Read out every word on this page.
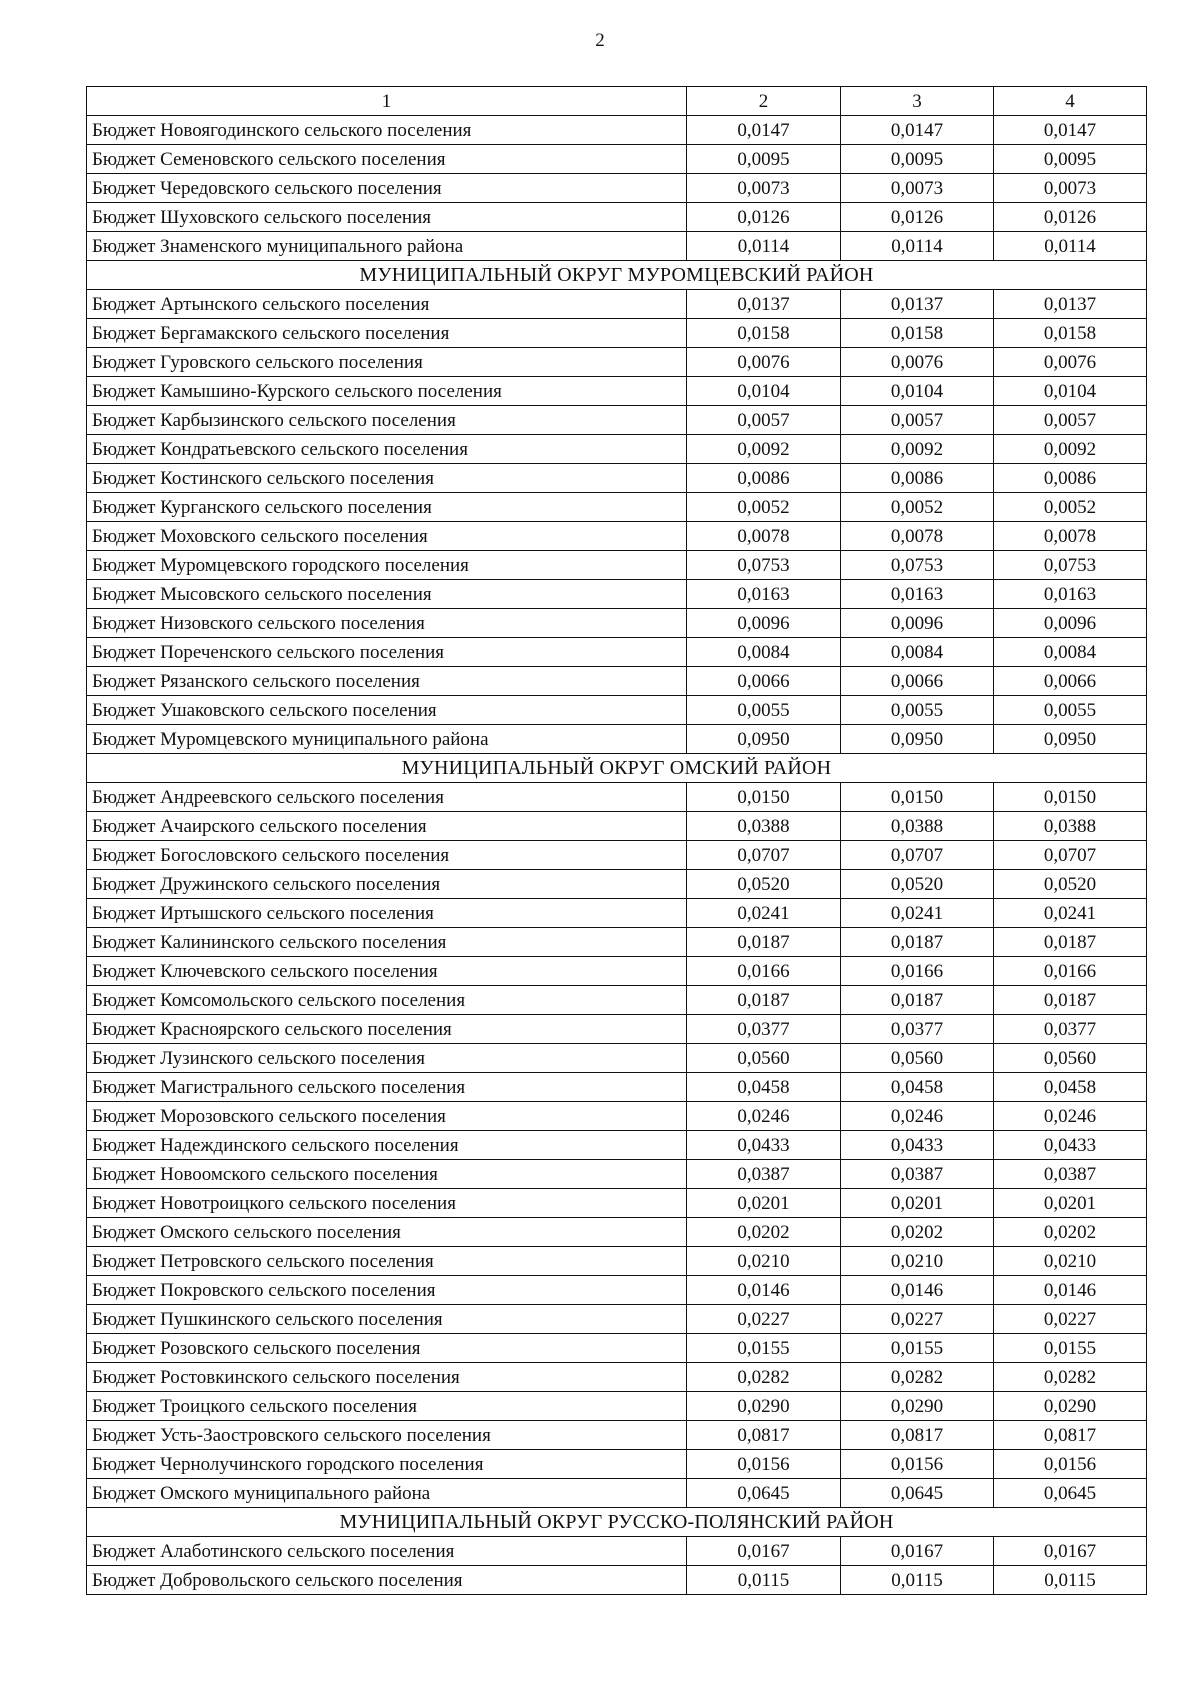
2
1	2	3	4
Бюджет Новоягодинского сельского поселения	0,0147	0,0147	0,0147
Бюджет Семеновского сельского поселения	0,0095	0,0095	0,0095
Бюджет Чередовского сельского поселения	0,0073	0,0073	0,0073
Бюджет Шуховского сельского поселения	0,0126	0,0126	0,0126
Бюджет Знаменского муниципального района	0,0114	0,0114	0,0114
МУНИЦИПАЛЬНЫЙ ОКРУГ МУРОМЦЕВСКИЙ РАЙОН			
Бюджет Артынского сельского поселения	0,0137	0,0137	0,0137
Бюджет Бергамакского сельского поселения	0,0158	0,0158	0,0158
Бюджет Гуровского сельского поселения	0,0076	0,0076	0,0076
Бюджет Камышино-Курского сельского поселения	0,0104	0,0104	0,0104
Бюджет Карбызинского сельского поселения	0,0057	0,0057	0,0057
Бюджет Кондратьевского сельского поселения	0,0092	0,0092	0,0092
Бюджет Костинского сельского поселения	0,0086	0,0086	0,0086
Бюджет Курганского сельского поселения	0,0052	0,0052	0,0052
Бюджет Моховского сельского поселения	0,0078	0,0078	0,0078
Бюджет Муромцевского городского поселения	0,0753	0,0753	0,0753
Бюджет Мысовского сельского поселения	0,0163	0,0163	0,0163
Бюджет Низовского сельского поселения	0,0096	0,0096	0,0096
Бюджет Пореченского сельского поселения	0,0084	0,0084	0,0084
Бюджет Рязанского сельского поселения	0,0066	0,0066	0,0066
Бюджет Ушаковского сельского поселения	0,0055	0,0055	0,0055
Бюджет Муромцевского муниципального района	0,0950	0,0950	0,0950
МУНИЦИПАЛЬНЫЙ ОКРУГ ОМСКИЙ РАЙОН			
Бюджет Андреевского сельского поселения	0,0150	0,0150	0,0150
Бюджет Ачаирского сельского поселения	0,0388	0,0388	0,0388
Бюджет Богословского сельского поселения	0,0707	0,0707	0,0707
Бюджет Дружинского сельского поселения	0,0520	0,0520	0,0520
Бюджет Иртышского сельского поселения	0,0241	0,0241	0,0241
Бюджет Калининского сельского поселения	0,0187	0,0187	0,0187
Бюджет Ключевского сельского поселения	0,0166	0,0166	0,0166
Бюджет Комсомольского сельского поселения	0,0187	0,0187	0,0187
Бюджет Красноярского сельского поселения	0,0377	0,0377	0,0377
Бюджет Лузинского сельского поселения	0,0560	0,0560	0,0560
Бюджет Магистрального сельского поселения	0,0458	0,0458	0,0458
Бюджет Морозовского сельского поселения	0,0246	0,0246	0,0246
Бюджет Надеждинского сельского поселения	0,0433	0,0433	0,0433
Бюджет Новоомского сельского поселения	0,0387	0,0387	0,0387
Бюджет Новотроицкого сельского поселения	0,0201	0,0201	0,0201
Бюджет Омского сельского поселения	0,0202	0,0202	0,0202
Бюджет Петровского сельского поселения	0,0210	0,0210	0,0210
Бюджет Покровского сельского поселения	0,0146	0,0146	0,0146
Бюджет Пушкинского сельского поселения	0,0227	0,0227	0,0227
Бюджет Розовского сельского поселения	0,0155	0,0155	0,0155
Бюджет Ростовкинского сельского поселения	0,0282	0,0282	0,0282
Бюджет Троицкого сельского поселения	0,0290	0,0290	0,0290
Бюджет Усть-Заостровского сельского поселения	0,0817	0,0817	0,0817
Бюджет Чернолучинского городского поселения	0,0156	0,0156	0,0156
Бюджет Омского муниципального района	0,0645	0,0645	0,0645
МУНИЦИПАЛЬНЫЙ ОКРУГ РУССКО-ПОЛЯНСКИЙ РАЙОН			
Бюджет Алаботинского сельского поселения	0,0167	0,0167	0,0167
Бюджет Добровольского сельского поселения	0,0115	0,0115	0,0115
